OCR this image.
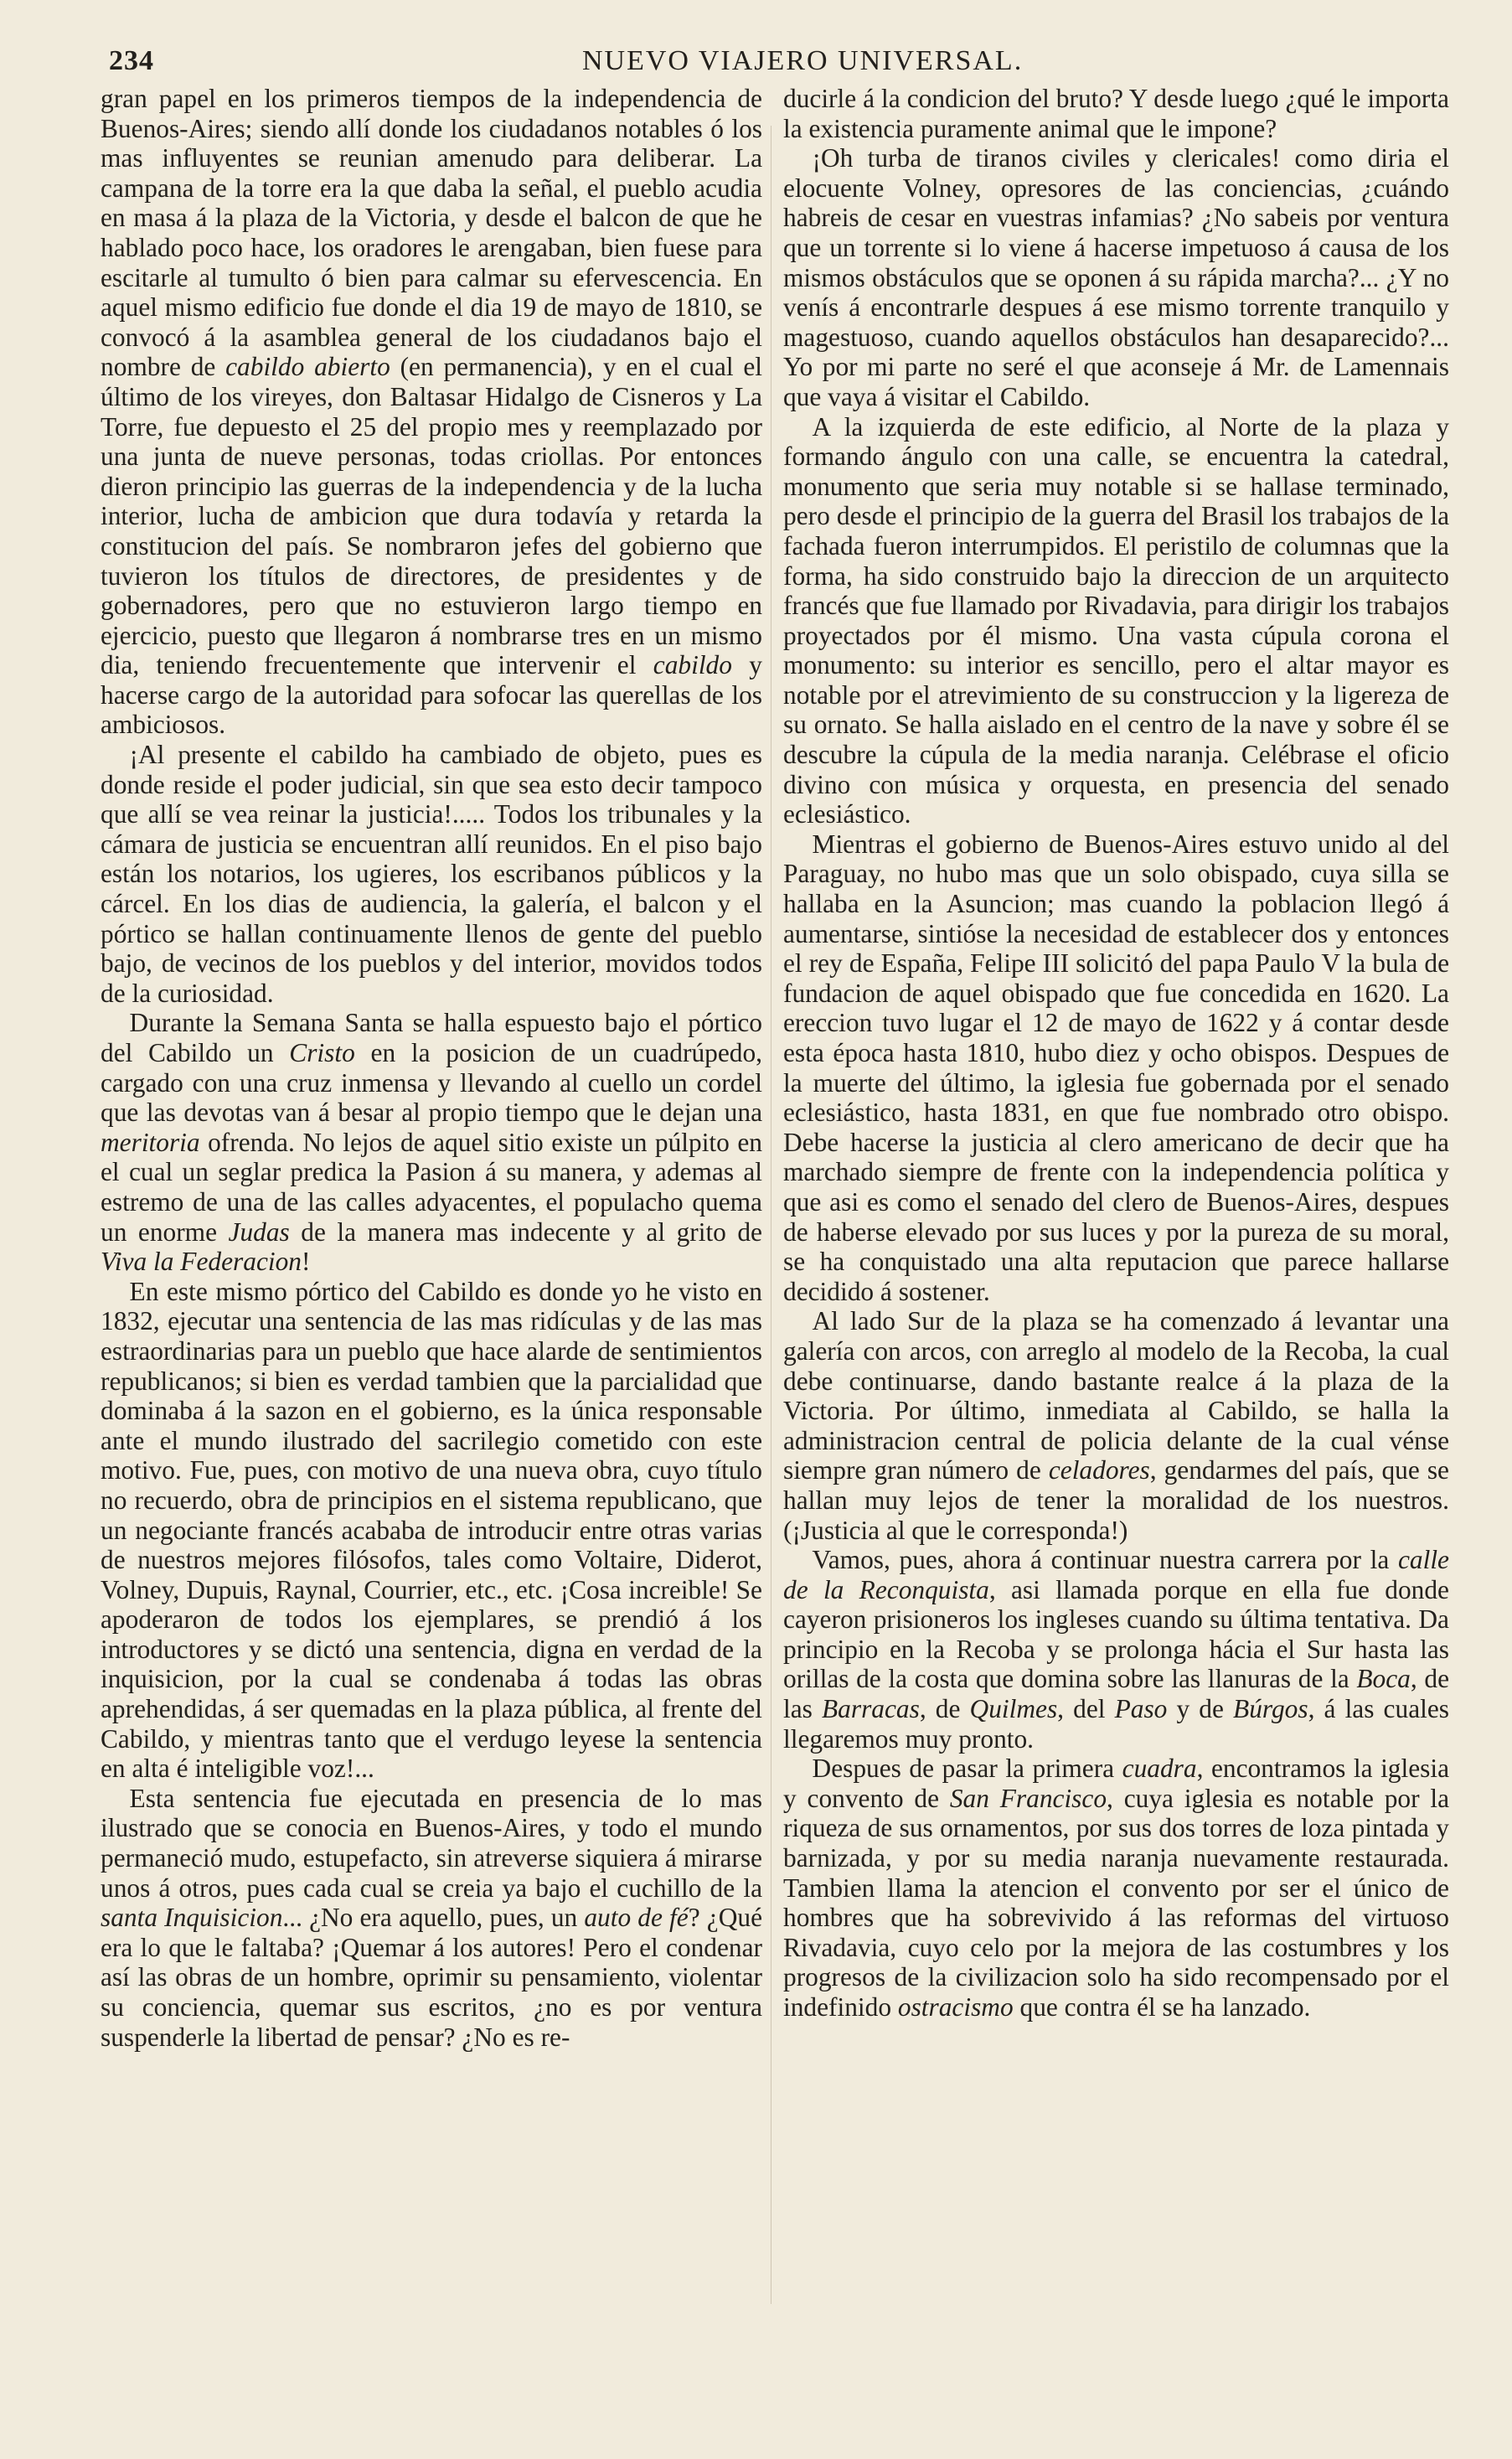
234	NUEVO VIAJERO UNIVERSAL.

gran papel en los primeros tiempos de la independencia de Buenos-Aires; siendo allí donde los ciudadanos notables ó los mas influyentes se reunian amenudo para deliberar. La campana de la torre era la que daba la señal, el pueblo acudia en masa á la plaza de la Victoria, y desde el balcon de que he hablado poco hace, los oradores le arengaban, bien fuese para escitarle al tumulto ó bien para calmar su efervescencia. En aquel mismo edificio fue donde el dia 19 de mayo de 1810, se convocó á la asamblea general de los ciudadanos bajo el nombre de cabildo abierto (en permanencia), y en el cual el último de los vireyes, don Baltasar Hidalgo de Cisneros y La Torre, fue depuesto el 25 del propio mes y reemplazado por una junta de nueve personas, todas criollas. Por entonces dieron principio las guerras de la independencia y de la lucha interior, lucha de ambicion que dura todavía y retarda la constitucion del país. Se nombraron jefes del gobierno que tuvieron los títulos de directores, de presidentes y de gobernadores, pero que no estuvieron largo tiempo en ejercicio, puesto que llegaron á nombrarse tres en un mismo dia, teniendo frecuentemente que intervenir el cabildo y hacerse cargo de la autoridad para sofocar las querellas de los ambiciosos.

¡Al presente el cabildo ha cambiado de objeto, pues es donde reside el poder judicial, sin que sea esto decir tampoco que allí se vea reinar la justicia!..... Todos los tribunales y la cámara de justicia se encuentran allí reunidos. En el piso bajo están los notarios, los ugieres, los escribanos públicos y la cárcel. En los dias de audiencia, la galería, el balcon y el pórtico se hallan continuamente llenos de gente del pueblo bajo, de vecinos de los pueblos y del interior, movidos todos de la curiosidad.

Durante la Semana Santa se halla espuesto bajo el pórtico del Cabildo un Cristo en la posicion de un cuadrúpedo, cargado con una cruz inmensa y llevando al cuello un cordel que las devotas van á besar al propio tiempo que le dejan una meritoria ofrenda. No lejos de aquel sitio existe un púlpito en el cual un seglar predica la Pasion á su manera, y ademas al estremo de una de las calles adyacentes, el populacho quema un enorme Judas de la manera mas indecente y al grito de Viva la Federacion!

En este mismo pórtico del Cabildo es donde yo he visto en 1832, ejecutar una sentencia de las mas ridículas y de las mas estraordinarias para un pueblo que hace alarde de sentimientos republicanos; si bien es verdad tambien que la parcialidad que dominaba á la sazon en el gobierno, es la única responsable ante el mundo ilustrado del sacrilegio cometido con este motivo. Fue, pues, con motivo de una nueva obra, cuyo título no recuerdo, obra de principios en el sistema republicano, que un negociante francés acababa de introducir entre otras varias de nuestros mejores filósofos, tales como Voltaire, Diderot, Volney, Dupuis, Raynal, Courrier, etc., etc. ¡Cosa increible! Se apoderaron de todos los ejemplares, se prendió á los introductores y se dictó una sentencia, digna en verdad de la inquisicion, por la cual se condenaba á todas las obras aprehendidas, á ser quemadas en la plaza pública, al frente del Cabildo, y mientras tanto que el verdugo leyese la sentencia en alta é inteligible voz!...

Esta sentencia fue ejecutada en presencia de lo mas ilustrado que se conocia en Buenos-Aires, y todo el mundo permaneció mudo, estupefacto, sin atreverse siquiera á mirarse unos á otros, pues cada cual se creia ya bajo el cuchillo de la santa Inquisicion... ¿No era aquello, pues, un auto de fé? ¿Qué era lo que le faltaba? ¡Quemar á los autores! Pero el condenar así las obras de un hombre, oprimir su pensamiento, violentar su conciencia, quemar sus escritos, ¿no es por ventura suspenderle la libertad de pensar? ¿No es re-

ducirle á la condicion del bruto? Y desde luego ¿qué le importa la existencia puramente animal que le impone?

¡Oh turba de tiranos civiles y clericales! como diria el elocuente Volney, opresores de las conciencias, ¿cuándo habreis de cesar en vuestras infamias? ¿No sabeis por ventura que un torrente si lo viene á hacerse impetuoso á causa de los mismos obstáculos que se oponen á su rápida marcha?... ¿Y no venís á encontrarle despues á ese mismo torrente tranquilo y magestuoso, cuando aquellos obstáculos han desaparecido?... Yo por mi parte no seré el que aconseje á Mr. de Lamennais que vaya á visitar el Cabildo.

A la izquierda de este edificio, al Norte de la plaza y formando ángulo con una calle, se encuentra la catedral, monumento que seria muy notable si se hallase terminado, pero desde el principio de la guerra del Brasil los trabajos de la fachada fueron interrumpidos. El peristilo de columnas que la forma, ha sido construido bajo la direccion de un arquitecto francés que fue llamado por Rivadavia, para dirigir los trabajos proyectados por él mismo. Una vasta cúpula corona el monumento: su interior es sencillo, pero el altar mayor es notable por el atrevimiento de su construccion y la ligereza de su ornato. Se halla aislado en el centro de la nave y sobre él se descubre la cúpula de la media naranja. Celébrase el oficio divino con música y orquesta, en presencia del senado eclesiástico.

Mientras el gobierno de Buenos-Aires estuvo unido al del Paraguay, no hubo mas que un solo obispado, cuya silla se hallaba en la Asuncion; mas cuando la poblacion llegó á aumentarse, sintióse la necesidad de establecer dos y entonces el rey de España, Felipe III solicitó del papa Paulo V la bula de fundacion de aquel obispado que fue concedida en 1620. La ereccion tuvo lugar el 12 de mayo de 1622 y á contar desde esta época hasta 1810, hubo diez y ocho obispos. Despues de la muerte del último, la iglesia fue gobernada por el senado eclesiástico, hasta 1831, en que fue nombrado otro obispo. Debe hacerse la justicia al clero americano de decir que ha marchado siempre de frente con la independencia política y que asi es como el senado del clero de Buenos-Aires, despues de haberse elevado por sus luces y por la pureza de su moral, se ha conquistado una alta reputacion que parece hallarse decidido á sostener.

Al lado Sur de la plaza se ha comenzado á levantar una galería con arcos, con arreglo al modelo de la Recoba, la cual debe continuarse, dando bastante realce á la plaza de la Victoria. Por último, inmediata al Cabildo, se halla la administracion central de policia delante de la cual vénse siempre gran número de celadores, gendarmes del país, que se hallan muy lejos de tener la moralidad de los nuestros. (¡Justicia al que le corresponda!)

Vamos, pues, ahora á continuar nuestra carrera por la calle de la Reconquista, asi llamada porque en ella fue donde cayeron prisioneros los ingleses cuando su última tentativa. Da principio en la Recoba y se prolonga hácia el Sur hasta las orillas de la costa que domina sobre las llanuras de la Boca, de las Barracas, de Quilmes, del Paso y de Búrgos, á las cuales llegaremos muy pronto.

Despues de pasar la primera cuadra, encontramos la iglesia y convento de San Francisco, cuya iglesia es notable por la riqueza de sus ornamentos, por sus dos torres de loza pintada y barnizada, y por su media naranja nuevamente restaurada. Tambien llama la atencion el convento por ser el único de hombres que ha sobrevivido á las reformas del virtuoso Rivadavia, cuyo celo por la mejora de las costumbres y los progresos de la civilizacion solo ha sido recompensado por el indefinido ostracismo que contra él se ha lanzado.
